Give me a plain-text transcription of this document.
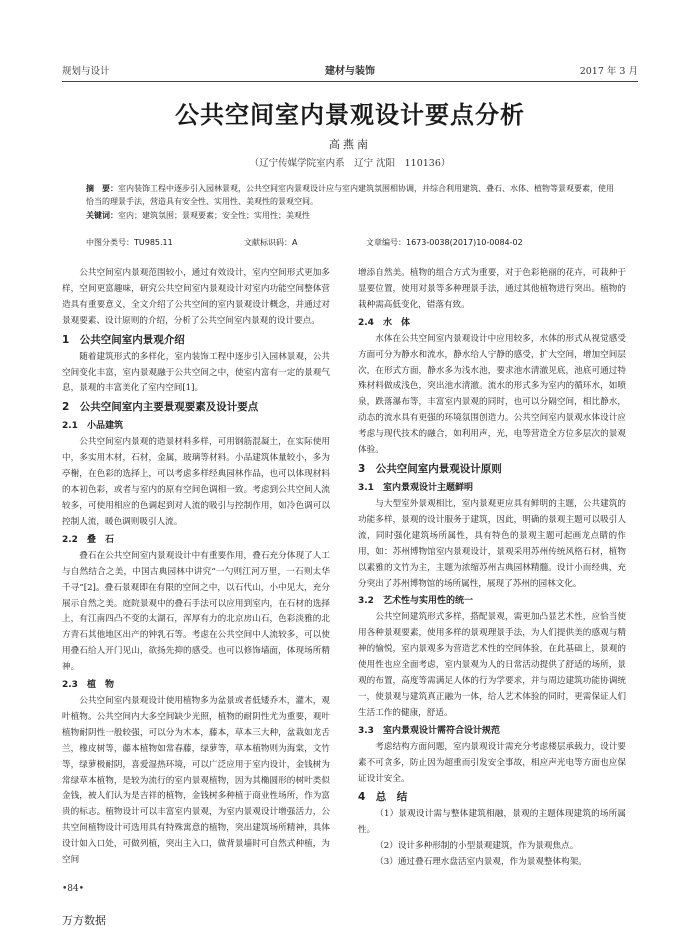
规划与设计	建材与装饰	2017 年 3 月
公共空间室内景观设计要点分析
高燕南
（辽宁传媒学院室内系　辽宁 沈阳　110136）

摘　要：室内装饰工程中逐步引入园林景观，公共空间室内景观设计应与室内建筑氛围相协调，并综合利用建筑、叠石、水体、植物等景观要素，使用恰当的理景手法，营造具有安全性、实用性、美观性的景观空间。

关键词：室内；建筑氛围；景观要素；安全性；实用性；美观性

中图分类号：TU985.11	文献标识码：A	文章编号：1673-0038(2017)10-0084-02

公共空间室内景观范围较小，通过有效设计，室内空间形式更加多样，空间更富趣味，研究公共空间室内景观设计对室内功能空间整体营造具有重要意义，全文介绍了公共空间的室内景观设计概念，并通过对景观要素、设计原则的介绍，分析了公共空间室内景观的设计要点。

1　公共空间室内景观介绍

随着建筑形式的多样化，室内装饰工程中逐步引入园林景观，公共空间变化丰富，室内景观融于公共空间之中，使室内富有一定的景观气息，景观的丰富美化了室内空间[1]。

2　公共空间室内主要景观要素及设计要点
2.1　小品建筑

公共空间室内景观的造景材料多样，可用钢筋混凝土，在实际使用中，多实用木材，石材，金属，玻璃等材料。小品建筑体量较小，多为亭榭，在色彩的选择上，可以考虑多样经典园林作品，也可以体现材料的本初色彩，或者与室内的原有空间色调相一致。考虑到公共空间人流较多，可使用相应的色调起到对人流的吸引与控制作用，如冷色调可以控制人流，暖色调则吸引人流。

2.2　叠　石

叠石在公共空间室内景观设计中有重要作用，叠石充分体现了人工与自然结合之美，中国古典园林中讲究“一勺则江河万里，一石则太华千寻”[2]。叠石景观即在有限的空间之中，以石代山，小中见大，充分展示自然之美。庭院景观中的叠石手法可以应用到室内，在石材的选择上，有江南四凸不变的太湖石，浑厚有力的北京房山石，色彩淡雅的北方青石其他地区出产的钟乳石等。考虑在公共空间中人流较多，可以使用叠石给人开门见山，欲扬先抑的感受。也可以修饰墙面，体现场所精神。

2.3　植　物

公共空间室内景观设计使用植物多为盆景或者低矮乔木，灌木，观叶植物。公共空间内大多空间缺少光照，植物的耐阴性尤为重要，观叶植物耐阴性一般较强，可以分为木本，藤本，草本三大种，盆栽如龙舌兰，橡皮树等，藤本植物如常春藤，绿萝等，草本植物则为海棠，文竹等，绿萝极耐阴，喜爱湿热环境，可以广泛应用于室内设计，金钱树为常绿草本植物，是较为流行的室内景观植物，因为其椭圆形的树叶类似金钱，被人们认为是吉祥的植物，金钱树多种植于商业性场所，作为富贵的标志。植物设计可以丰富室内景观，为室内景观设计增强活力，公共空间植物设计可选用具有特殊寓意的植物，突出建筑场所精神，具体设计如入口处，可做列植，突出主入口，做背景墙时可自然式种植，为空间

增添自然美。植物的组合方式为重要，对于色彩艳丽的花卉，可栽种于显要位置，使用对景等多种理景手法，通过其他植物进行突出。植物的栽种需高低变化，错落有致。

2.4　水　体

水体在公共空间室内景观设计中应用较多，水体的形式从视觉感受方面可分为静水和流水，静水给人宁静的感受，扩大空间，增加空间层次，在形式方面，静水多为浅水池，要求池水清澈见底，池底可通过特殊材料做成浅色，突出池水清澈。流水的形式多为室内的循环水，如喷泉，跌落瀑布等，丰富室内景观的同时，也可以分隔空间，相比静水，动态的流水具有更强的环境氛围创造力。公共空间室内景观水体设计应考虑与现代技术的融合，如利用声，光，电等营造全方位多层次的景观体验。

3　公共空间室内景观设计原则
3.1　室内景观设计主题鲜明

与大型室外景观相比，室内景观更应具有鲜明的主题，公共建筑的功能多样，景观的设计服务于建筑，因此，明确的景观主题可以吸引人流，同时强化建筑场所属性，具有特色的景观主题可起画龙点睛的作用，如：苏州博物馆室内景观设计，景观采用苏州传统风格石材，植物以素雅的文竹为主，主题为浓缩苏州古典园林精髓。设计小而经典，充分突出了苏州博物馆的场所属性，展现了苏州的园林文化。

3.2　艺术性与实用性的统一

公共空间建筑形式多样，搭配景观，需更加凸显艺术性，应恰当使用各种景观要素，使用多样的景观理景手法，为人们提供美的感观与精神的愉悦，室内景观多为营造艺术性的空间体验，在此基础上，景观的使用性也应全面考虑，室内景观为人的日常活动提供了舒适的场所，景观的布置，高度等需满足人体的行为学要求，并与周边建筑功能协调统一，使景观与建筑真正融为一体，给人艺术体验的同时，更需保证人们生活工作的健康，舒适。

3.3　室内景观设计需符合设计规范

考虑结构方面问题，室内景观设计需充分考虑楼层承载力，设计要素不可贪多，防止因为超重而引发安全事故，相应声光电等方面也应保证设计安全。

4　总　结

（1）景观设计需与整体建筑相融，景观的主题体现建筑的场所属性。

（2）设计多种形制的小型景观建筑，作为景观焦点。

（3）通过叠石理水盘活室内景观，作为景观整体构架。

•84•
万方数据
